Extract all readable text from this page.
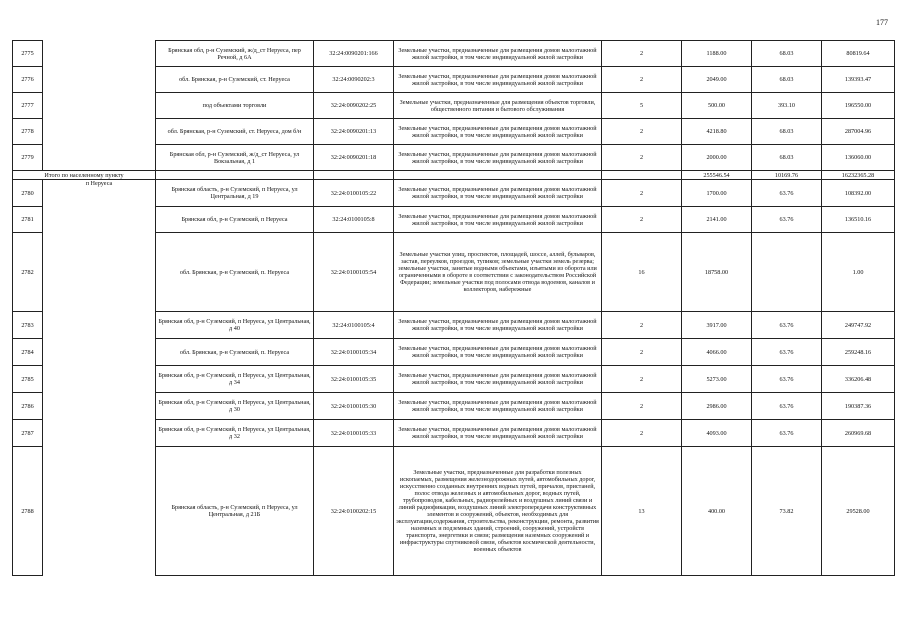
177
2775		Брянская обл, р-н Суземский, ж/д_ст Неруеса, пер Речной, д 6А	32:24:0090201:166	Земельные участки, предназначенные для размещения домов малоэтажной жилой застройки, в том числе индивидуальной жилой застройки	2	1188.00	68.03	80819.64
2776		обл. Брянская, р-н Суземский, ст. Неруеса	32:24:0090202:3	Земельные участки, предназначенные для размещения домов малоэтажной жилой застройки, в том числе индивидуальной жилой застройки	2	2049.00	68.03	139393.47
2777		под объектами торговли	32:24:0090202:25	Земельные участки, предназначенные для размещения объектов торговли, общественного питания и бытового обслуживания	5	500.00	393.10	196550.00
2778		обл. Брянская, р-н Суземский, ст. Неруеса, дом б/н	32:24:0090201:13	Земельные участки, предназначенные для размещения домов малоэтажной жилой застройки, в том числе индивидуальной жилой застройки	2	4218.80	68.03	287004.96
2779		Брянская обл, р-н Суземский, ж/д_ст Неруеса, ул Вокзальная, д 1	32:24:0090201:18	Земельные участки, предназначенные для размещения домов малоэтажной жилой застройки, в том числе индивидуальной жилой застройки	2	2000.00	68.03	136060.00
Итого по населенному пункту						255546.54	10169.76	16232365.28
2780	п Неруеса	Брянская область, р-н Суземский, п Неруеса, ул Центральная, д 19	32:24:0100105:22	Земельные участки, предназначенные для размещения домов малоэтажной жилой застройки, в том числе индивидуальной жилой застройки	2	1700.00	63.76	108392.00
2781		Брянская обл, р-н Суземский, п Неруеса	32:24:0100105:8	Земельные участки, предназначенные для размещения домов малоэтажной жилой застройки, в том числе индивидуальной жилой застройки	2	2141.00	63.76	136510.16
2782		обл. Брянская, р-н Суземский, п. Неруеса	32:24:0100105:54	Земельные участки улиц, проспектов, площадей, шоссе, аллей, бульваров, застав, переулков, проездов, тупиков; земельные участки земель резерва; земельные участки, занятые водными объектами, изъятыми из оборота или ограниченными в обороте в соответствии с законодательством Российской Федерации; земельные участки под полосами отвода водоемов, каналов и коллекторов, набережные	16	18758.00		1.00
2783		Брянская обл, р-н Суземский, п Неруеса, ул Центральная, д 40	32:24:0100105:4	Земельные участки, предназначенные для размещения домов малоэтажной жилой застройки, в том числе индивидуальной жилой застройки	2	3917.00	63.76	249747.92
2784		обл. Брянская, р-н Суземский, п. Неруеса	32:24:0100105:34	Земельные участки, предназначенные для размещения домов малоэтажной жилой застройки, в том числе индивидуальной жилой застройки	2	4066.00	63.76	259248.16
2785		Брянская обл, р-н Суземский, п Неруеса, ул Центральная, д 34	32:24:0100105:35	Земельные участки, предназначенные для размещения домов малоэтажной жилой застройки, в том числе индивидуальной жилой застройки	2	5273.00	63.76	336206.48
2786		Брянская обл, р-н Суземский, п Неруеса, ул Центральная, д 30	32:24:0100105:30	Земельные участки, предназначенные для размещения домов малоэтажной жилой застройки, в том числе индивидуальной жилой застройки	2	2986.00	63.76	190387.36
2787		Брянская обл, р-н Суземский, п Неруеса, ул Центральная, д 32	32:24:0100105:33	Земельные участки, предназначенные для размещения домов малоэтажной жилой застройки, в том числе индивидуальной жилой застройки	2	4093.00	63.76	260969.68
2788		Брянская область, р-н Суземский, п Неруеса, ул Центральная, д 21Б	32:24:0100202:15	Земельные участки, предназначенные для разработки полезных ископаемых, размещения железнодорожных путей, автомобильных дорог, искусственно созданных внутренних водных путей, причалов, пристаней, полос отвода железных и автомобильных дорог, водных путей, трубопроводов, кабельных, радиорелейных и воздушных линий связи и линий радиофикации, воздушных линий электропередачи конструктивных элементов и сооружений, объектов, необходимых для эксплуатации,содержания, строительства, реконструкции, ремонта, развития наземных и подземных зданий, строений, сооружений, устройств транспорта, энергетики и связи; размещения наземных сооружений и инфраструктуры спутниковой связи, объектов космической деятельности, военных объектов	13	400.00	73.82	29528.00
